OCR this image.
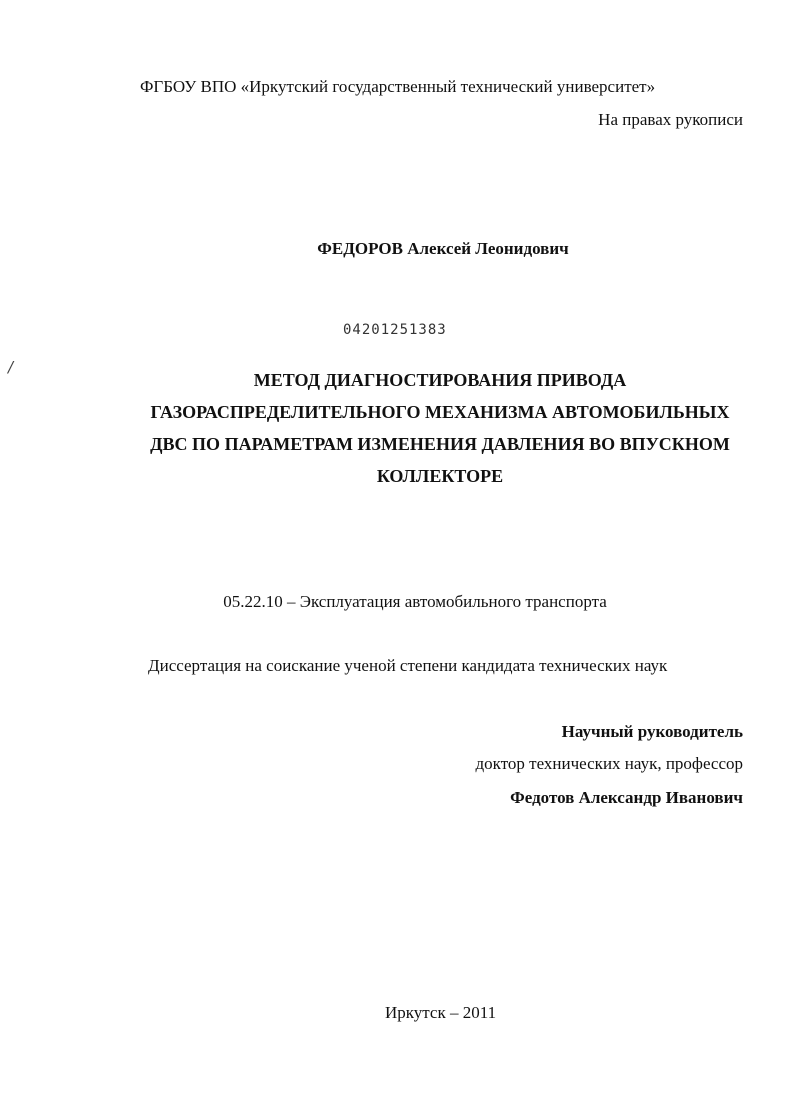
ФГБОУ ВПО «Иркутский государственный технический университет»
На правах рукописи
ФЕДОРОВ Алексей Леонидович
04201251383
/
МЕТОД ДИАГНОСТИРОВАНИЯ ПРИВОДА
ГАЗОРАСПРЕДЕЛИТЕЛЬНОГО МЕХАНИЗМА АВТОМОБИЛЬНЫХ
ДВС ПО ПАРАМЕТРАМ ИЗМЕНЕНИЯ ДАВЛЕНИЯ ВО ВПУСКНОМ
КОЛЛЕКТОРЕ
05.22.10 – Эксплуатация автомобильного транспорта
Диссертация на соискание ученой степени кандидата технических наук
Научный руководитель
доктор технических наук, профессор
Федотов Александр Иванович
Иркутск – 2011
